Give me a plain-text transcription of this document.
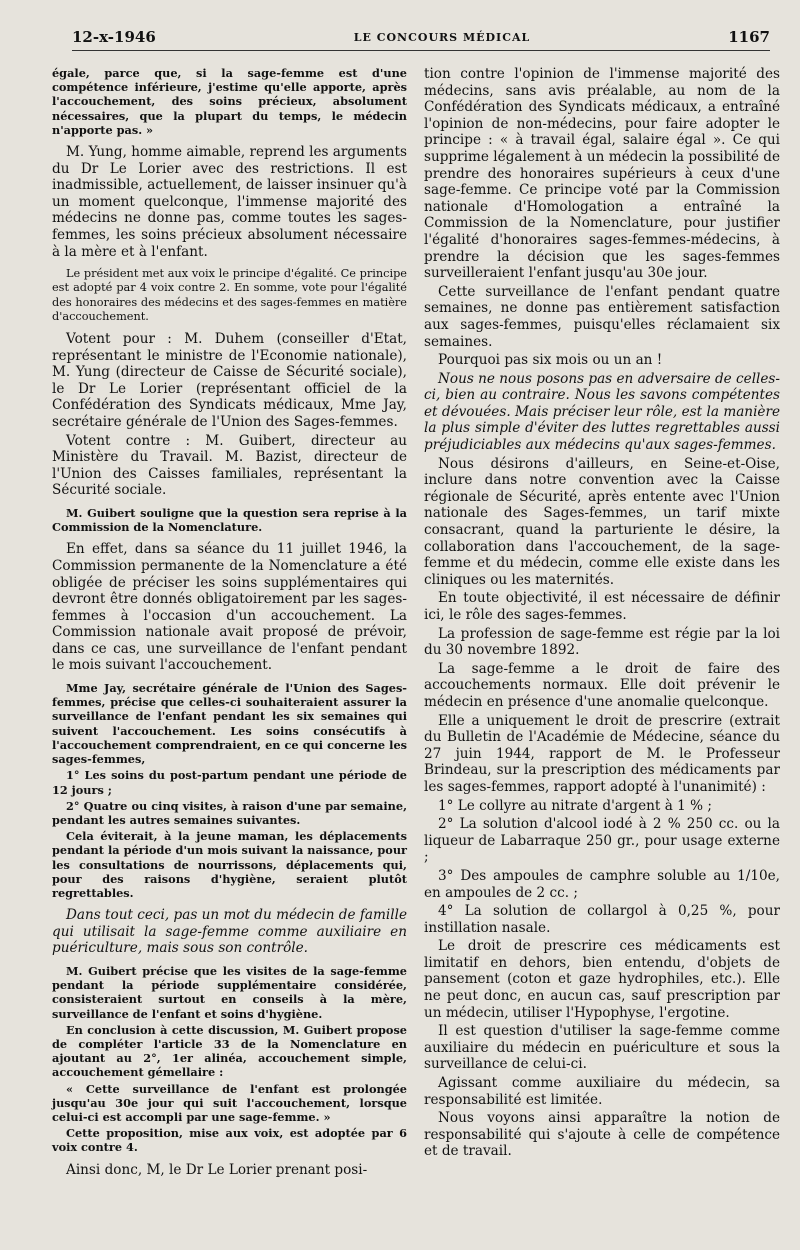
12-x-1946	LE CONCOURS MÉDICAL	1167

égale, parce que, si la sage-femme est d'une compétence inférieure, j'estime qu'elle apporte, après l'accouchement, des soins précieux, absolument nécessaires, que la plupart du temps, le médecin n'apporte pas. »

M. Yung, homme aimable, reprend les arguments du Dr Le Lorier avec des restrictions. Il est inadmissible, actuellement, de laisser insinuer qu'à un moment quelconque, l'immense majorité des médecins ne donne pas, comme toutes les sages-femmes, les soins précieux absolument nécessaire à la mère et à l'enfant.

Le président met aux voix le principe d'égalité. Ce principe est adopté par 4 voix contre 2. En somme, vote pour l'égalité des honoraires des médecins et des sages-femmes en matière d'accouchement.

Votent pour : M. Duhem (conseiller d'Etat, représentant le ministre de l'Economie nationale), M. Yung (directeur de Caisse de Sécurité sociale), le Dr Le Lorier (représentant officiel de la Confédération des Syndicats médicaux, Mme Jay, secrétaire générale de l'Union des Sages-femmes.

Votent contre : M. Guibert, directeur au Ministère du Travail. M. Bazist, directeur de l'Union des Caisses familiales, représentant la Sécurité sociale.

M. Guibert souligne que la question sera reprise à la Commission de la Nomenclature.

En effet, dans sa séance du 11 juillet 1946, la Commission permanente de la Nomenclature a été obligée de préciser les soins supplémentaires qui devront être donnés obligatoirement par les sages-femmes à l'occasion d'un accouchement. La Commission nationale avait proposé de prévoir, dans ce cas, une surveillance de l'enfant pendant le mois suivant l'accouchement.

Mme Jay, secrétaire générale de l'Union des Sages-femmes, précise que celles-ci souhaiteraient assurer la surveillance de l'enfant pendant les six semaines qui suivent l'accouchement. Les soins consécutifs à l'accouchement comprendraient, en ce qui concerne les sages-femmes,

1° Les soins du post-partum pendant une période de 12 jours ;

2° Quatre ou cinq visites, à raison d'une par semaine, pendant les autres semaines suivantes.

Cela éviterait, à la jeune maman, les déplacements pendant la période d'un mois suivant la naissance, pour les consultations de nourrissons, déplacements qui, pour des raisons d'hygiène, seraient plutôt regrettables.

Dans tout ceci, pas un mot du médecin de famille qui utilisait la sage-femme comme auxiliaire en puériculture, mais sous son contrôle.

M. Guibert précise que les visites de la sage-femme pendant la période supplémentaire considérée, consisteraient surtout en conseils à la mère, surveillance de l'enfant et soins d'hygiène.

En conclusion à cette discussion, M. Guibert propose de compléter l'article 33 de la Nomenclature en ajoutant au 2°, 1er alinéa, accouchement simple, accouchement gémellaire :

« Cette surveillance de l'enfant est prolongée jusqu'au 30e jour qui suit l'accouchement, lorsque celui-ci est accompli par une sage-femme. »

Cette proposition, mise aux voix, est adoptée par 6 voix contre 4.

Ainsi donc, M, le Dr Le Lorier prenant posi-

tion contre l'opinion de l'immense majorité des médecins, sans avis préalable, au nom de la Confédération des Syndicats médicaux, a entraîné l'opinion de non-médecins, pour faire adopter le principe : « à travail égal, salaire égal ». Ce qui supprime légalement à un médecin la possibilité de prendre des honoraires supérieurs à ceux d'une sage-femme. Ce principe voté par la Commission nationale d'Homologation a entraîné la Commission de la Nomenclature, pour justifier l'égalité d'honoraires sages-femmes-médecins, à prendre la décision que les sages-femmes surveilleraient l'enfant jusqu'au 30e jour.

Cette surveillance de l'enfant pendant quatre semaines, ne donne pas entièrement satisfaction aux sages-femmes, puisqu'elles réclamaient six semaines.

Pourquoi pas six mois ou un an !

Nous ne nous posons pas en adversaire de celles-ci, bien au contraire. Nous les savons compétentes et dévouées. Mais préciser leur rôle, est la manière la plus simple d'éviter des luttes regrettables aussi préjudiciables aux médecins qu'aux sages-femmes.

Nous désirons d'ailleurs, en Seine-et-Oise, inclure dans notre convention avec la Caisse régionale de Sécurité, après entente avec l'Union nationale des Sages-femmes, un tarif mixte consacrant, quand la parturiente le désire, la collaboration dans l'accouchement, de la sage-femme et du médecin, comme elle existe dans les cliniques ou les maternités.

En toute objectivité, il est nécessaire de définir ici, le rôle des sages-femmes.

La profession de sage-femme est régie par la loi du 30 novembre 1892.

La sage-femme a le droit de faire des accouchements normaux. Elle doit prévenir le médecin en présence d'une anomalie quelconque.

Elle a uniquement le droit de prescrire (extrait du Bulletin de l'Académie de Médecine, séance du 27 juin 1944, rapport de M. le Professeur Brindeau, sur la prescription des médicaments par les sages-femmes, rapport adopté à l'unanimité) :

1° Le collyre au nitrate d'argent à 1 % ;

2° La solution d'alcool iodé à 2 % 250 cc. ou la liqueur de Labarraque 250 gr., pour usage externe ;

3° Des ampoules de camphre soluble au 1/10e, en ampoules de 2 cc. ;

4° La solution de collargol à 0,25 %, pour instillation nasale.

Le droit de prescrire ces médicaments est limitatif en dehors, bien entendu, d'objets de pansement (coton et gaze hydrophiles, etc.). Elle ne peut donc, en aucun cas, sauf prescription par un médecin, utiliser l'Hypophyse, l'ergotine.

Il est question d'utiliser la sage-femme comme auxiliaire du médecin en puériculture et sous la surveillance de celui-ci.

Agissant comme auxiliaire du médecin, sa responsabilité est limitée.

Nous voyons ainsi apparaître la notion de responsabilité qui s'ajoute à celle de compétence et de travail.
